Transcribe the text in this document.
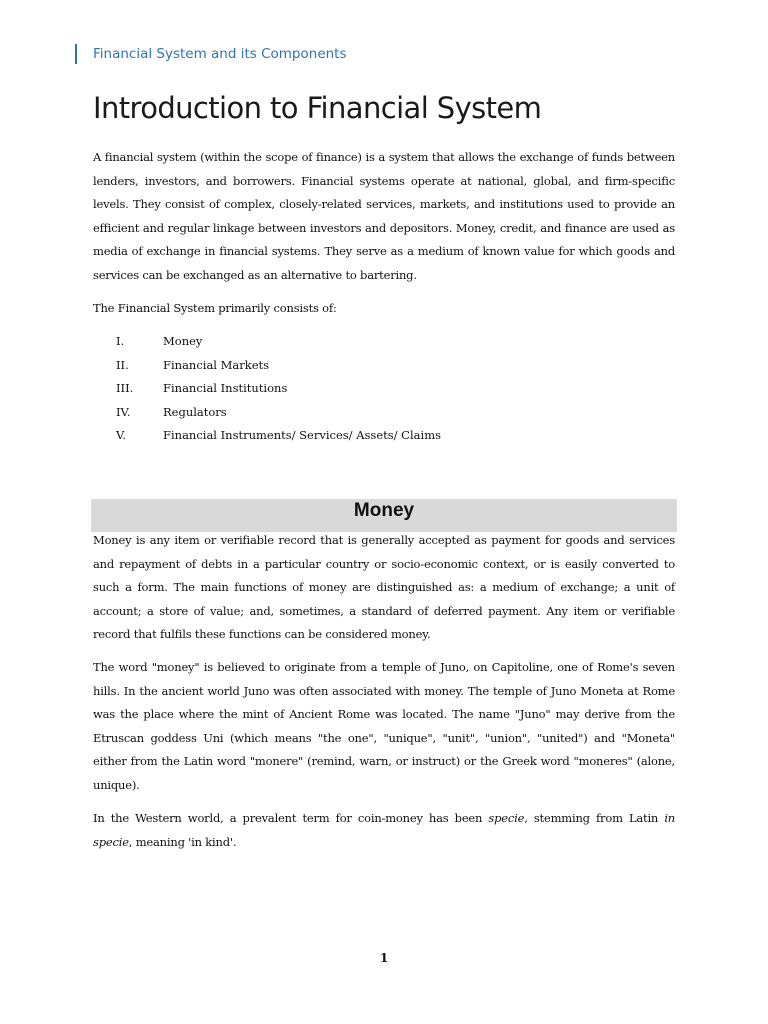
Financial System and its Components
Introduction to Financial System

A financial system (within the scope of finance) is a system that allows the exchange of funds between lenders, investors, and borrowers. Financial systems operate at national, global, and firm-specific levels. They consist of complex, closely-related services, markets, and institutions used to provide an efficient and regular linkage between investors and depositors. Money, credit, and finance are used as media of exchange in financial systems. They serve as a medium of known value for which goods and services can be exchanged as an alternative to bartering.

The Financial System primarily consists of:

I.	Money
II.	Financial Markets
III.	Financial Institutions
IV.	Regulators
V.	Financial Instruments/ Services/ Assets/ Claims
Money

Money is any item or verifiable record that is generally accepted as payment for goods and services and repayment of debts in a particular country or socio-economic context, or is easily converted to such a form. The main functions of money are distinguished as: a medium of exchange; a unit of account; a store of value; and, sometimes, a standard of deferred payment. Any item or verifiable record that fulfils these functions can be considered money.

The word "money" is believed to originate from a temple of Juno, on Capitoline, one of Rome's seven hills. In the ancient world Juno was often associated with money. The temple of Juno Moneta at Rome was the place where the mint of Ancient Rome was located. The name "Juno" may derive from the Etruscan goddess Uni (which means "the one", "unique", "unit", "union", "united") and "Moneta" either from the Latin word "monere" (remind, warn, or instruct) or the Greek word "moneres" (alone, unique).

In the Western world, a prevalent term for coin-money has been specie, stemming from Latin in specie, meaning 'in kind'.

1
